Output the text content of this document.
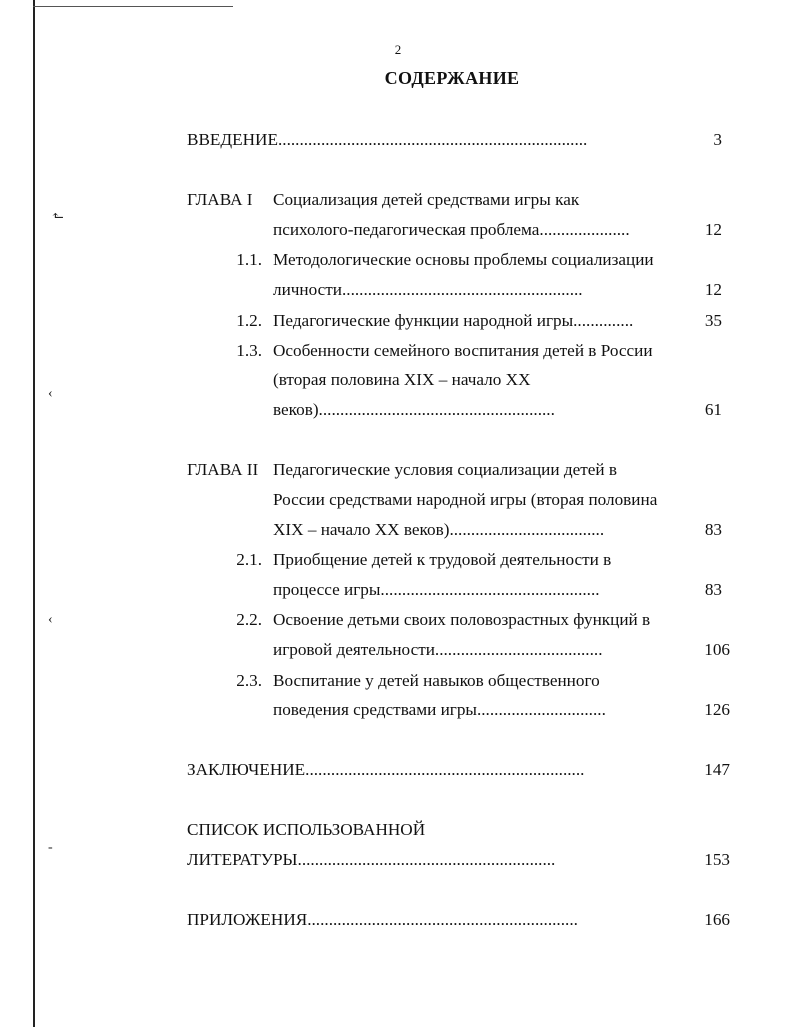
⬑
‹
‹
‐
2
СОДЕРЖАНИЕ
ВВЕДЕНИЕ........................................................................	3
ГЛАВА I Социализация детей средствами игры как
психолого-педагогическая проблема.....................	12
1.1. Методологические основы проблемы социализации
личности........................................................	12
1.2. Педагогические функции народной игры..............	35
1.3. Особенности семейного воспитания детей в России
(вторая половина XIX – начало XX
веков).......................................................	61
ГЛАВА II Педагогические условия социализации детей в
России средствами народной игры (вторая половина
XIX – начало XX веков)....................................	83
2.1. Приобщение детей к трудовой деятельности в
процессе игры...................................................	83
2.2. Освоение детьми своих половозрастных функций в
игровой деятельности.......................................	106
2.3. Воспитание у детей навыков общественного
поведения средствами игры..............................	126
ЗАКЛЮЧЕНИЕ.................................................................	147
СПИСОК ИСПОЛЬЗОВАННОЙ
ЛИТЕРАТУРЫ............................................................	153
ПРИЛОЖЕНИЯ...............................................................	166
